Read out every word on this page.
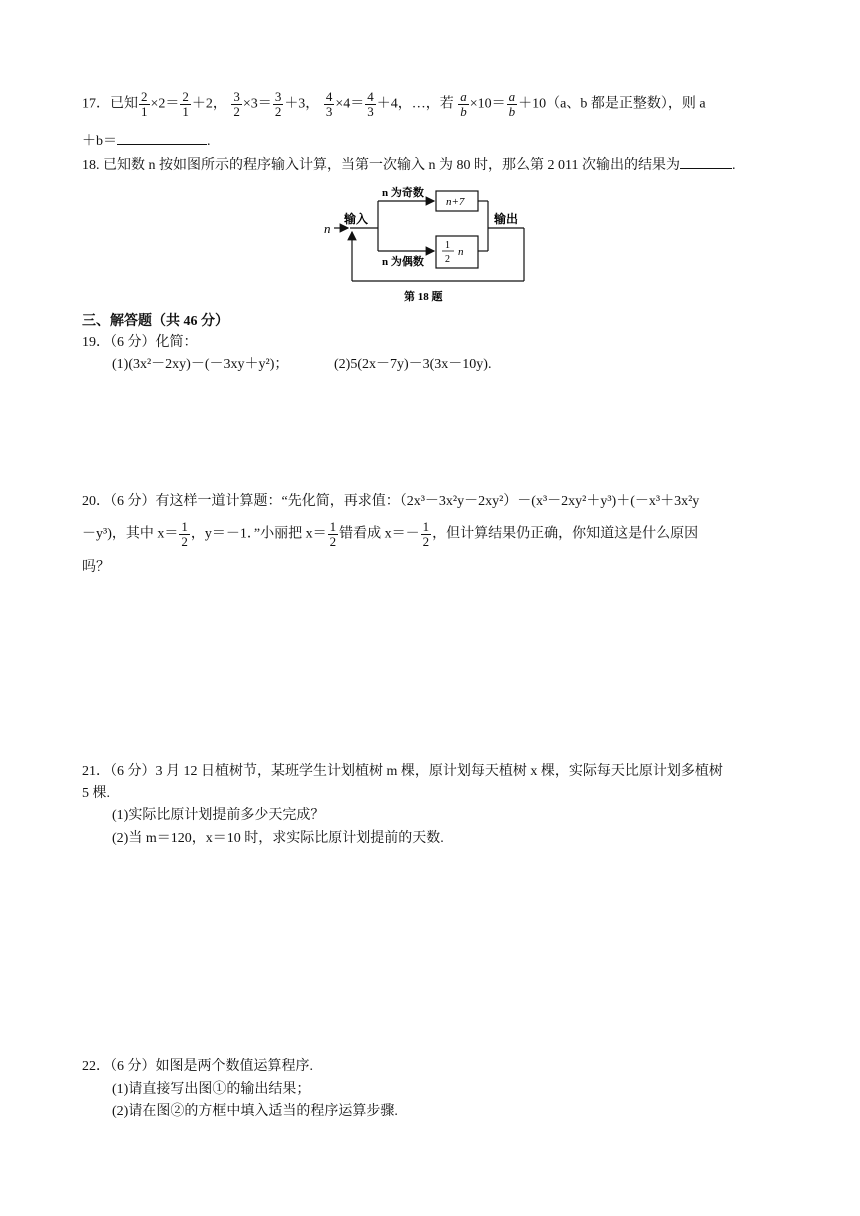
17．已知 $\frac{2}{1} \times 2= \frac{2}{1} +2$， $\frac{3}{2} \times 3= \frac{3}{2} +3$， $\frac{4}{3} \times 4= \frac{4}{3} +4$，…，若 $\frac{a}{b} \times 10= \frac{a}{b} +10(a$、b 都是正整数），则 a
＋b＝	.
18. 已知数 n 按如图所示的程序输入计算，当第一次输入 n 为 80 时，那么第 2 011 次输出的结果为	.
n
输入
n 为奇数
n 为偶数
n+7
1
2
n
输出
第 18 题
三、解答题（共 46 分）
19．（6 分）化简：
(1)(3x²－2xy)－(－3xy＋y²)；	(2)5(2x－7y)－3(3x－10y).
20．（6 分）有这样一道计算题：“先化简，再求值：（2x³－3x²y－2xy²）－(x³－2xy²＋y³)＋(－x³＋3x²y
－y³)，其中 $x= \frac{1}{2}$ ，y＝－1．”小丽把 $x= \frac{1}{2}$ 错看成 $x=- \frac{1}{2}$ ，但计算结果仍正确，你知道这是什么原因
吗？
21．（6 分）3 月 12 日植树节，某班学生计划植树 m 棵，原计划每天植树 x 棵，实际每天比原计划多植树
5 棵.
(1)实际比原计划提前多少天完成？
(2)当 m＝120，x＝10 时，求实际比原计划提前的天数.
22．（6 分）如图是两个数值运算程序.
(1)请直接写出图①的输出结果；
(2)请在图②的方框中填入适当的程序运算步骤.
